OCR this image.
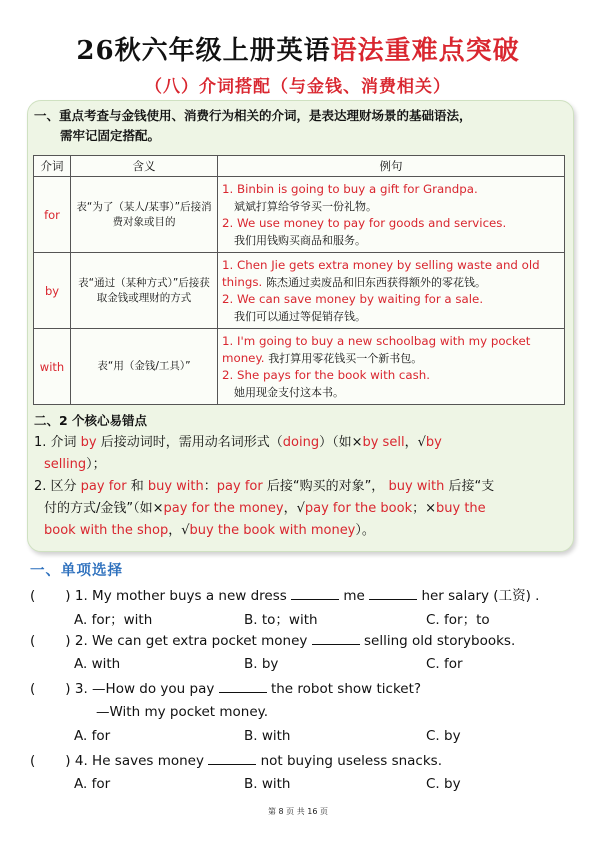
26秋六年级上册英语语法重难点突破
（八）介词搭配（与金钱、消费相关）
一、重点考查与金钱使用、消费行为相关的介词，是表达理财场景的基础语法，
需牢记固定搭配。
介词	含义	例句
for	表“为了（某人/某事）”后接消费对象或目的	1. Binbin is going to buy a gift for Grandpa.
斌斌打算给爷爷买一份礼物。
2. We use money to pay for goods and services.
我们用钱购买商品和服务。

by	表“通过（某种方式）”后接获取金钱或理财的方式	1. Chen Jie gets extra money by selling waste and old things. 陈杰通过卖废品和旧东西获得额外的零花钱。
2. We can save money by waiting for a sale.
我们可以通过等促销存钱。

with	表“用（金钱/工具）”	1. I'm going to buy a new schoolbag with my pocket money. 我打算用零花钱买一个新书包。
2. She pays for the book with cash.
她用现金支付这本书。
二、2 个核心易错点
1. 介词 by 后接动词时，需用动名词形式（doing）（如×by sell，√by
selling）；
2. 区分 pay for 和 buy with：pay for 后接“购买的对象”， buy with 后接“支
付的方式/金钱”（如×pay for the money，√pay for the book；×buy the
book with the shop，√buy the book with money）。
一、单项选择
( ) 1. My mother buys a new dress	me	her salary (工资) .
A. for；with	B. to；with	C. for；to
( ) 2. We can get extra pocket money	selling old storybooks.
A. with	B. by	C. for
( ) 3. —How do you pay	the robot show ticket?
—With my pocket money.
A. for	B. with	C. by
( ) 4. He saves money	not buying useless snacks.
A. for	B. with	C. by
第 8 页 共 16 页
